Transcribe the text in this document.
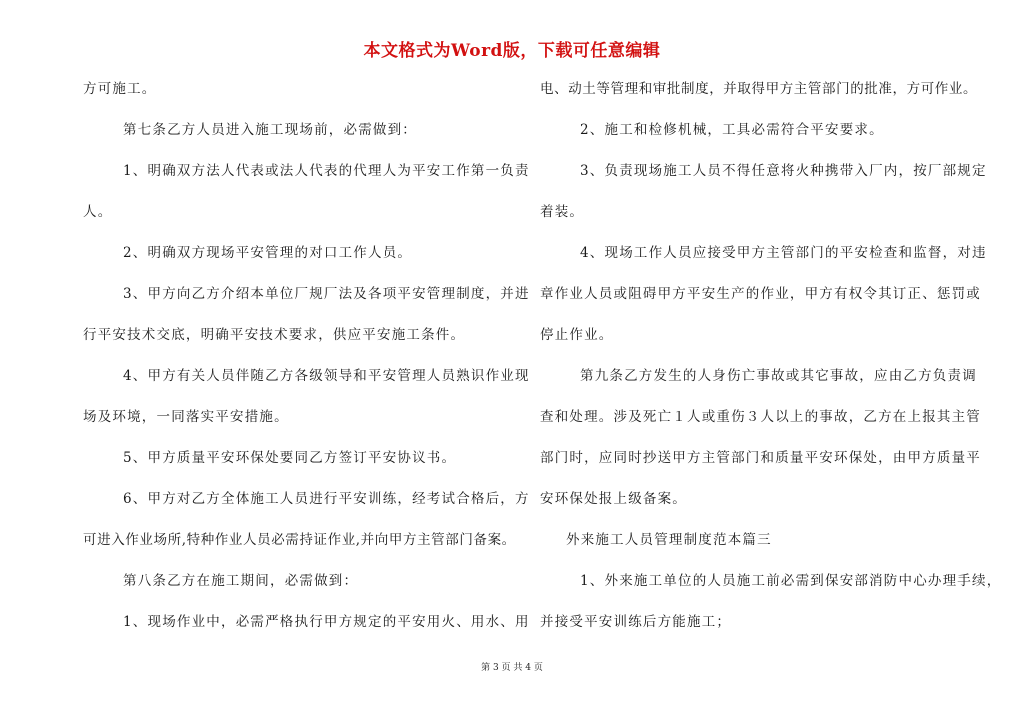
本文格式为Word版，下载可任意编辑
方可施工。
第七条乙方人员进入施工现场前，必需做到：
1、明确双方法人代表或法人代表的代理人为平安工作第一负责
人。
2、明确双方现场平安管理的对口工作人员。
3、甲方向乙方介绍本单位厂规厂法及各项平安管理制度，并进
行平安技术交底，明确平安技术要求，供应平安施工条件。
4、甲方有关人员伴随乙方各级领导和平安管理人员熟识作业现
场及环境，一同落实平安措施。
5、甲方质量平安环保处要同乙方签订平安协议书。
6、甲方对乙方全体施工人员进行平安训练，经考试合格后，方
可进入作业场所,特种作业人员必需持证作业,并向甲方主管部门备案。
第八条乙方在施工期间，必需做到：
1、现场作业中，必需严格执行甲方规定的平安用火、用水、用
电、动土等管理和审批制度，并取得甲方主管部门的批准，方可作业。
2、施工和检修机械，工具必需符合平安要求。
3、负责现场施工人员不得任意将火种携带入厂内，按厂部规定
着装。
4、现场工作人员应接受甲方主管部门的平安检查和监督，对违
章作业人员或阻碍甲方平安生产的作业，甲方有权令其订正、惩罚或
停止作业。
第九条乙方发生的人身伤亡事故或其它事故，应由乙方负责调
查和处理。涉及死亡１人或重伤３人以上的事故，乙方在上报其主管
部门时，应同时抄送甲方主管部门和质量平安环保处，由甲方质量平
安环保处报上级备案。
外来施工人员管理制度范本篇三
1、外来施工单位的人员施工前必需到保安部消防中心办理手续，
并接受平安训练后方能施工；
第 3 页 共 4 页
